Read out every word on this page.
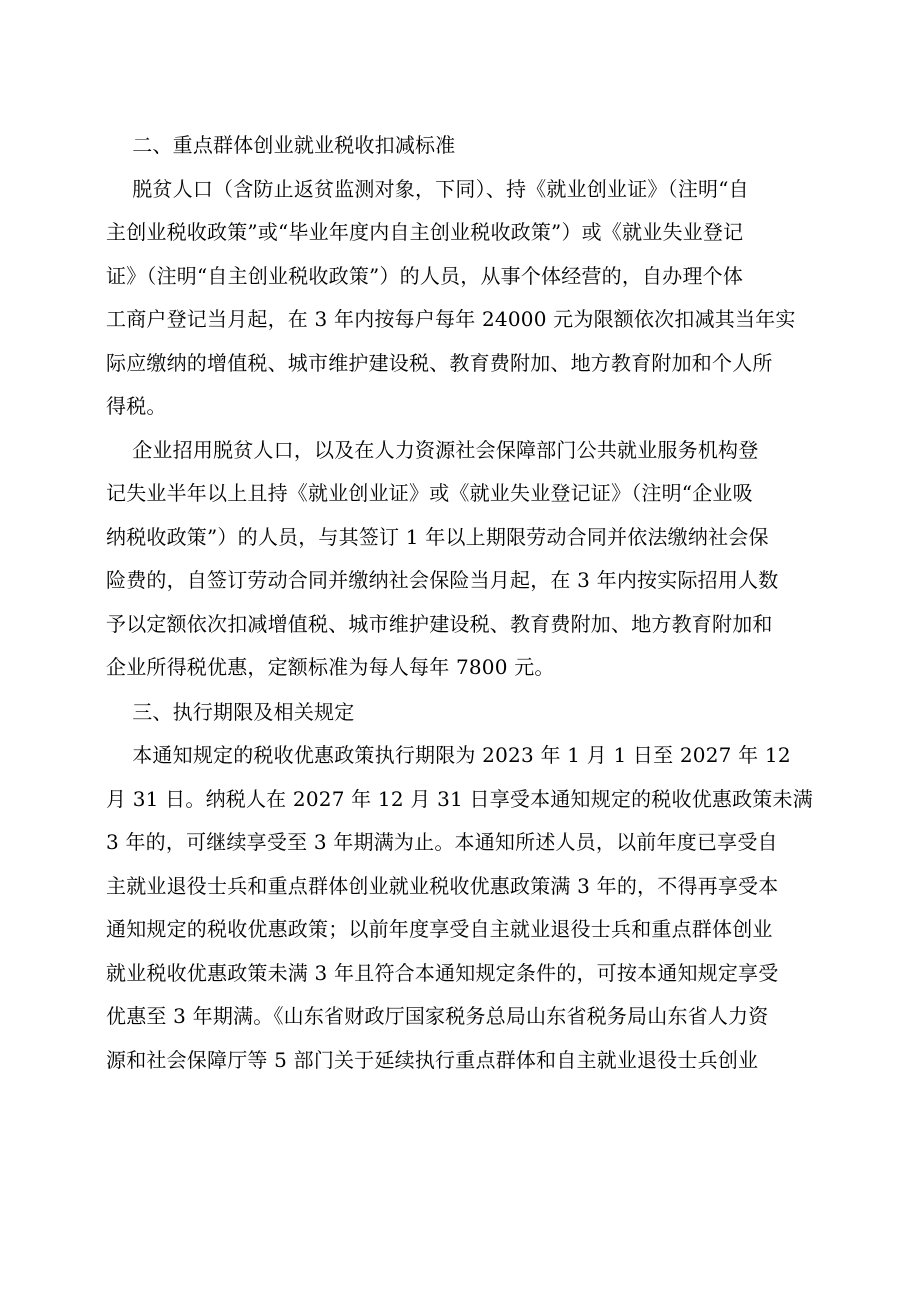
二、重点群体创业就业税收扣减标准
脱贫人口（含防止返贫监测对象，下同）、持《就业创业证》（注明“自
主创业税收政策”或“毕业年度内自主创业税收政策”）或《就业失业登记
证》（注明“自主创业税收政策”）的人员，从事个体经营的，自办理个体
工商户登记当月起，在 3 年内按每户每年 24000 元为限额依次扣减其当年实
际应缴纳的增值税、城市维护建设税、教育费附加、地方教育附加和个人所
得税。
企业招用脱贫人口，以及在人力资源社会保障部门公共就业服务机构登
记失业半年以上且持《就业创业证》或《就业失业登记证》（注明“企业吸
纳税收政策”）的人员，与其签订 1 年以上期限劳动合同并依法缴纳社会保
险费的，自签订劳动合同并缴纳社会保险当月起，在 3 年内按实际招用人数
予以定额依次扣减增值税、城市维护建设税、教育费附加、地方教育附加和
企业所得税优惠，定额标准为每人每年 7800 元。
三、执行期限及相关规定
本通知规定的税收优惠政策执行期限为 2023 年 1 月 1 日至 2027 年 12
月 31 日。纳税人在 2027 年 12 月 31 日享受本通知规定的税收优惠政策未满
3 年的，可继续享受至 3 年期满为止。本通知所述人员，以前年度已享受自
主就业退役士兵和重点群体创业就业税收优惠政策满 3 年的，不得再享受本
通知规定的税收优惠政策；以前年度享受自主就业退役士兵和重点群体创业
就业税收优惠政策未满 3 年且符合本通知规定条件的，可按本通知规定享受
优惠至 3 年期满。《山东省财政厅国家税务总局山东省税务局山东省人力资
源和社会保障厅等 5 部门关于延续执行重点群体和自主就业退役士兵创业
